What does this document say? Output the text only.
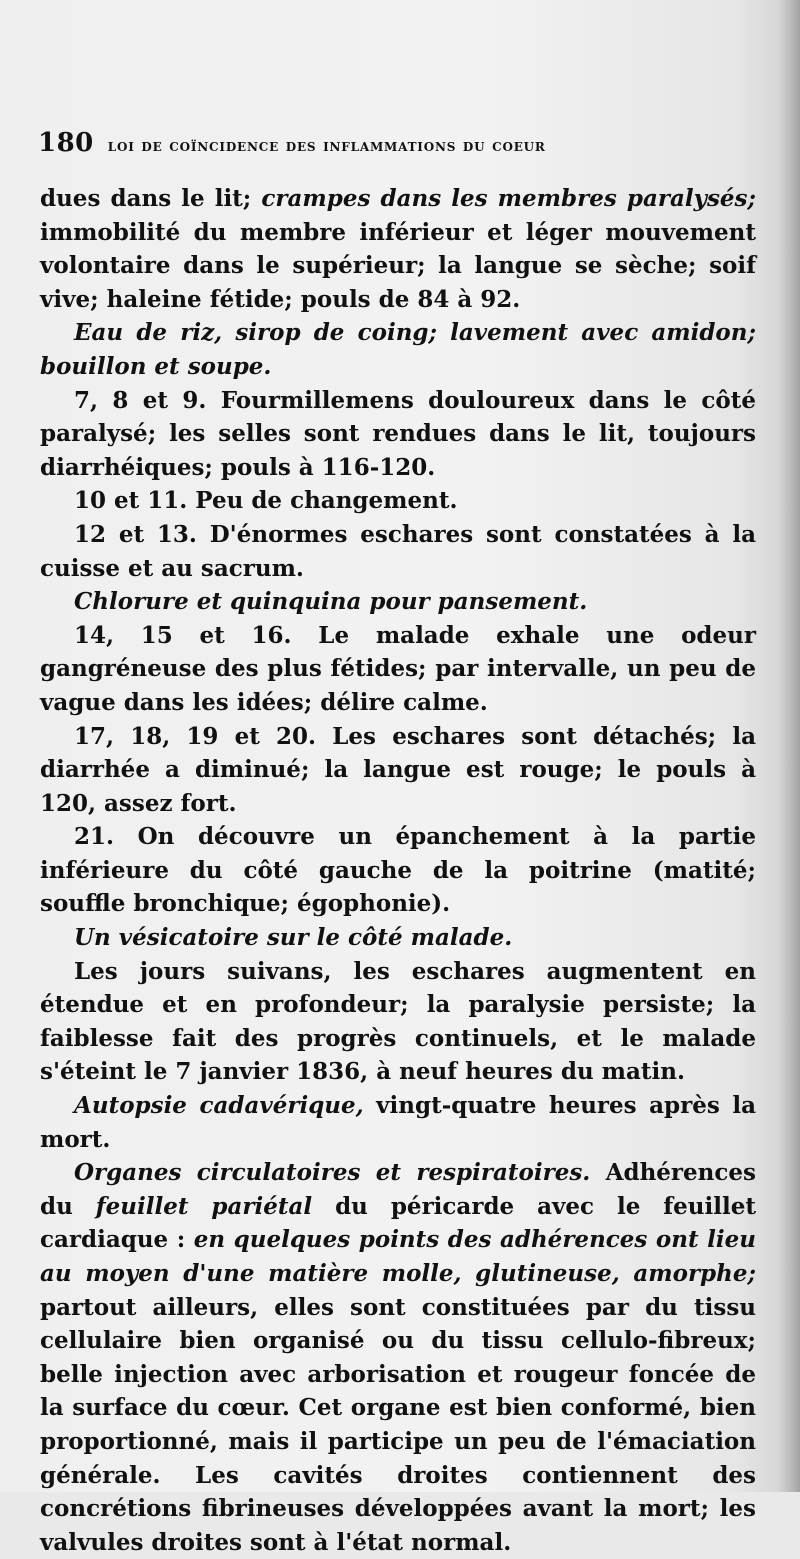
180 loi de coïncidence des inflammations du coeur

dues dans le lit; crampes dans les membres paralysés; immobilité du membre inférieur et léger mouvement volontaire dans le supérieur; la langue se sèche; soif vive; haleine fétide; pouls de 84 à 92.

Eau de riz, sirop de coing; lavement avec amidon; bouillon et soupe.

7, 8 et 9. Fourmillemens douloureux dans le côté paralysé; les selles sont rendues dans le lit, toujours diarrhéiques; pouls à 116-120.

10 et 11. Peu de changement.

12 et 13. D'énormes eschares sont constatées à la cuisse et au sacrum.

Chlorure et quinquina pour pansement.

14, 15 et 16. Le malade exhale une odeur gangréneuse des plus fétides; par intervalle, un peu de vague dans les idées; délire calme.

17, 18, 19 et 20. Les eschares sont détachés; la diarrhée a diminué; la langue est rouge; le pouls à 120, assez fort.

21. On découvre un épanchement à la partie inférieure du côté gauche de la poitrine (matité; souffle bronchique; égophonie).

Un vésicatoire sur le côté malade.

Les jours suivans, les eschares augmentent en étendue et en profondeur; la paralysie persiste; la faiblesse fait des progrès continuels, et le malade s'éteint le 7 janvier 1836, à neuf heures du matin.

Autopsie cadavérique, vingt-quatre heures après la mort.

Organes circulatoires et respiratoires. Adhérences du feuillet pariétal du péricarde avec le feuillet cardiaque : en quelques points des adhérences ont lieu au moyen d'une matière molle, glutineuse, amorphe; partout ailleurs, elles sont constituées par du tissu cellulaire bien organisé ou du tissu cellulo-fibreux; belle injection avec arborisation et rougeur foncée de la surface du cœur. Cet organe est bien conformé, bien proportionné, mais il participe un peu de l'émaciation générale. Les cavités droites contiennent des concrétions fibrineuses développées avant la mort; les valvules droites sont à l'état normal.
